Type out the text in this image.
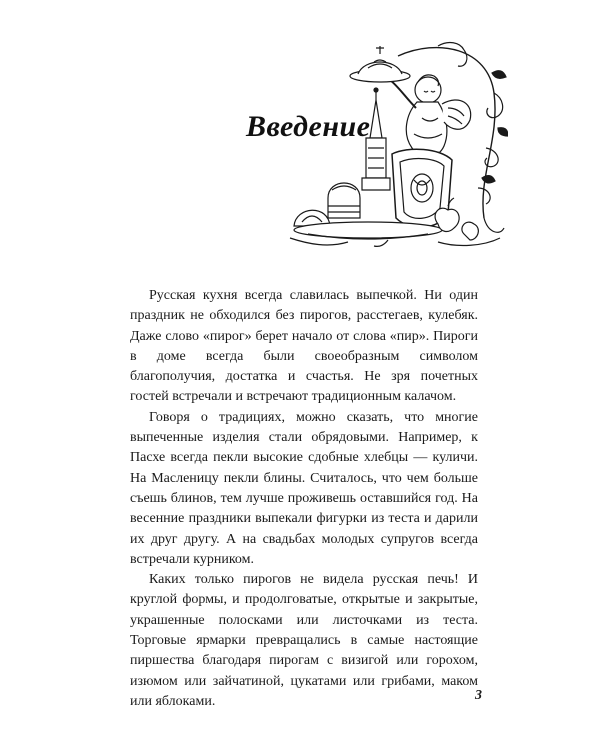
Введение

Русская кухня всегда славилась выпечкой. Ни один праздник не обходился без пирогов, расстегаев, кулебяк. Даже слово «пирог» берет начало от слова «пир». Пироги в доме всегда были своеобразным символом благополучия, достатка и счастья. Не зря почетных гостей встречали и встречают традиционным калачом.

Говоря о традициях, можно сказать, что многие выпеченные изделия стали обрядовыми. Например, к Пасхе всегда пекли высокие сдобные хлебцы — куличи. На Масленицу пекли блины. Считалось, что чем больше съешь блинов, тем лучше проживешь оставшийся год. На весенние праздники выпекали фигурки из теста и дарили их друг другу. А на свадьбах молодых супругов всегда встречали курником.

Каких только пирогов не видела русская печь! И круглой формы, и продолговатые, открытые и закрытые, украшенные полосками или листочками из теста. Торговые ярмарки превращались в самые настоящие пиршества благодаря пирогам с визигой или горохом, изюмом или зайчатиной, цукатами или грибами, маком или яблоками.	3
